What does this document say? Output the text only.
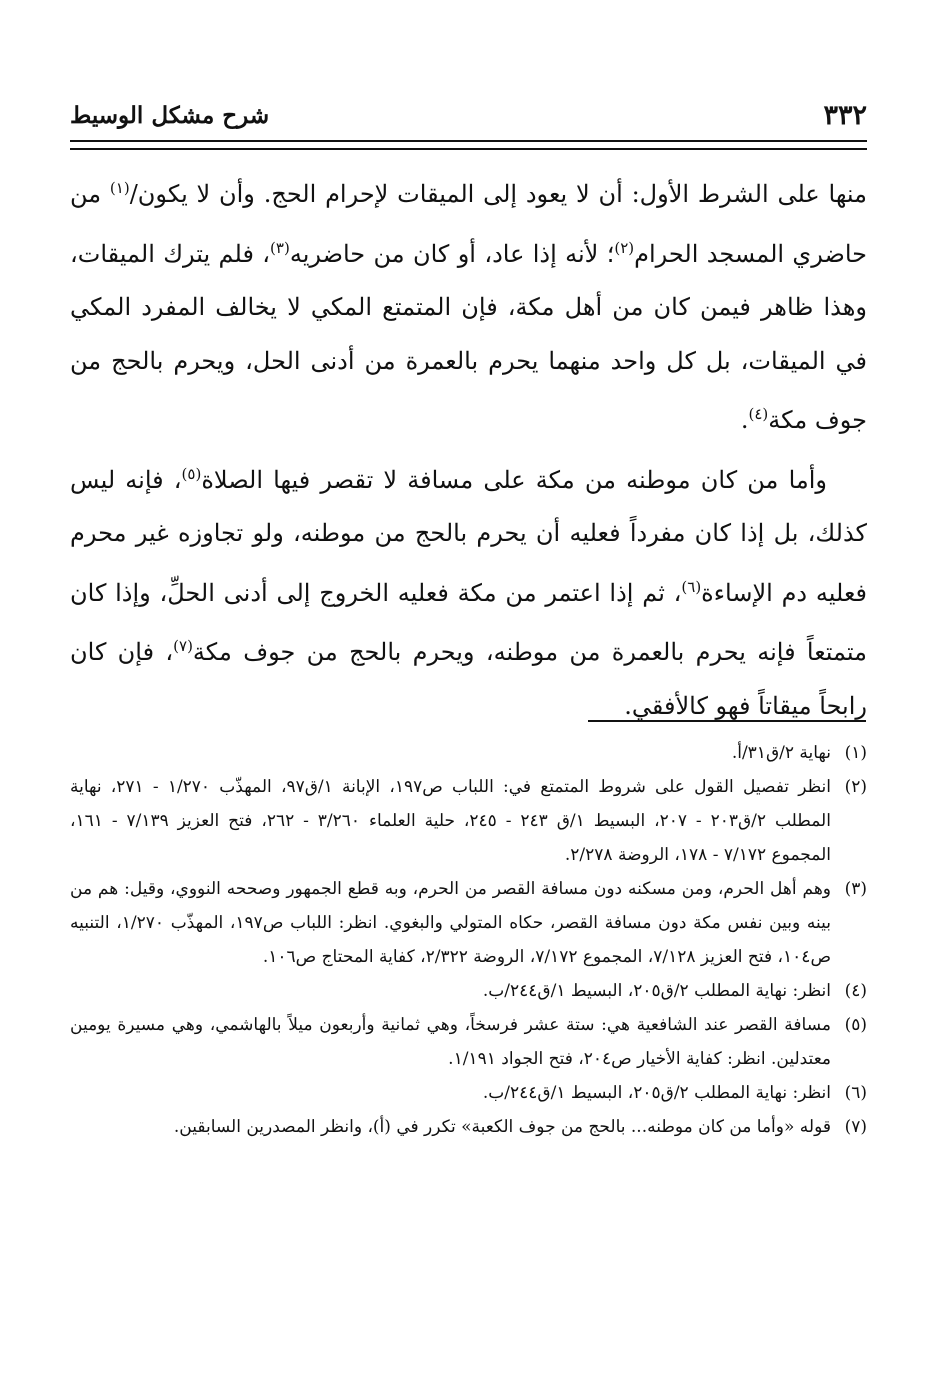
٣٣٢
شرح مشكل الوسيط

منها على الشرط الأول: أن لا يعود إلى الميقات لإحرام الحج. وأن لا يكون/$^{(١)}$ من حاضري المسجد الحرام$^{(٢)}$؛ لأنه إذا عاد، أو كان من حاضريه$^{(٣)}$، فلم يترك الميقات، وهذا ظاهر فيمن كان من أهل مكة، فإن المتمتع المكي لا يخالف المفرد المكي في الميقات، بل كل واحد منهما يحرم بالعمرة من أدنى الحل، ويحرم بالحج من جوف مكة$^{(٤)}$.

وأما من كان موطنه من مكة على مسافة لا تقصر فيها الصلاة$^{(٥)}$، فإنه ليس كذلك، بل إذا كان مفرداً فعليه أن يحرم بالحج من موطنه، ولو تجاوزه غير محرم فعليه دم الإساءة$^{(٦)}$، ثم إذا اعتمر من مكة فعليه الخروج إلى أدنى الحلِّ، وإذا كان متمتعاً فإنه يحرم بالعمرة من موطنه، ويحرم بالحج من جوف مكة$^{(٧)}$، فإن كان رابحاً ميقاتاً فهو كالأفقي.

(١)
نهاية ٢/ق٣١/أ.

(٢)
انظر تفصيل القول على شروط المتمتع في: اللباب ص١٩٧، الإبانة ١/ق٩٧، المهذّب ١/٢٧٠ - ٢٧١، نهاية المطلب ٢/ق٢٠٣ - ٢٠٧، البسيط ١/ق ٢٤٣ - ٢٤٥، حلية العلماء ٣/٢٦٠ - ٢٦٢، فتح العزيز ٧/١٣٩ - ١٦١، المجموع ٧/١٧٢ - ١٧٨، الروضة ٢/٢٧٨.

(٣)
وهم أهل الحرم، ومن مسكنه دون مسافة القصر من الحرم، وبه قطع الجمهور وصححه النووي، وقيل: هم من بينه وبين نفس مكة دون مسافة القصر، حكاه المتولي والبغوي. انظر: اللباب ص١٩٧، المهذّب ١/٢٧٠، التنبيه ص١٠٤، فتح العزيز ٧/١٢٨، المجموع ٧/١٧٢، الروضة ٢/٣٢٢، كفاية المحتاج ص١٠٦.

(٤)
انظر: نهاية المطلب ٢/ق٢٠٥، البسيط ١/ق٢٤٤/ب.

(٥)
مسافة القصر عند الشافعية هي: ستة عشر فرسخاً، وهي ثمانية وأربعون ميلاً بالهاشمي، وهي مسيرة يومين معتدلين. انظر: كفاية الأخيار ص٢٠٤، فتح الجواد ١/١٩١.

(٦)
انظر: نهاية المطلب ٢/ق٢٠٥، البسيط ١/ق٢٤٤/ب.

(٧)
قوله «وأما من كان موطنه... بالحج من جوف الكعبة» تكرر في (أ)، وانظر المصدرين السابقين.
